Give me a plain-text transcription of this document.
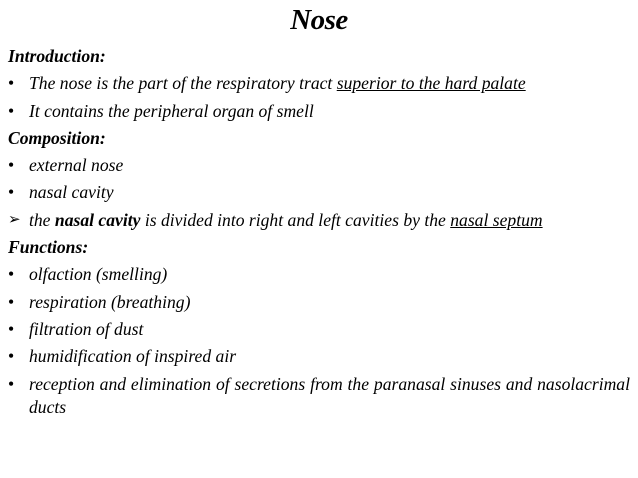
Nose
Introduction:
• The nose is the part of the respiratory tract superior to the hard palate
• It contains the peripheral organ of smell
Composition:
• external nose
• nasal cavity
➢ the nasal cavity is divided into right and left cavities by the nasal septum
Functions:
• olfaction (smelling)
• respiration (breathing)
• filtration of dust
• humidification of inspired air
• reception and elimination of secretions from the paranasal sinuses and nasolacrimal ducts
